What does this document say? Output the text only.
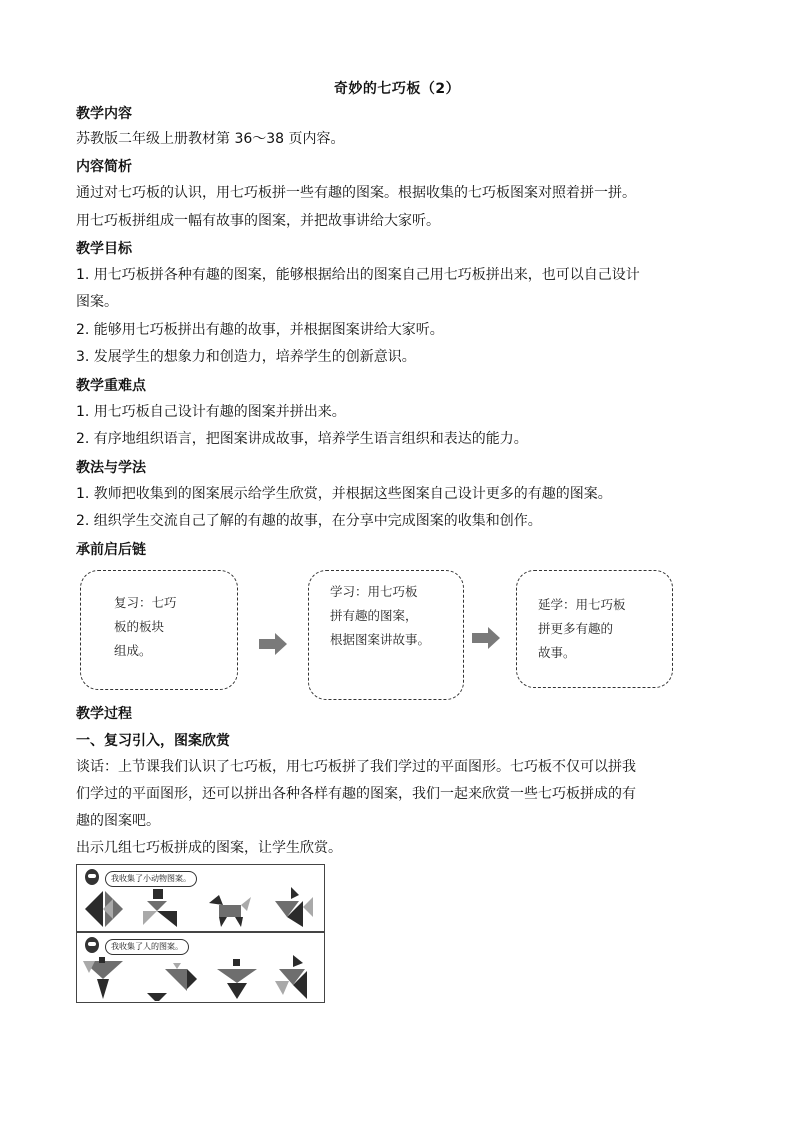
奇妙的七巧板（2）
教学内容
苏教版二年级上册教材第 36～38 页内容。
内容简析
通过对七巧板的认识，用七巧板拼一些有趣的图案。根据收集的七巧板图案对照着拼一拼。
用七巧板拼组成一幅有故事的图案，并把故事讲给大家听。
教学目标
1. 用七巧板拼各种有趣的图案，能够根据给出的图案自己用七巧板拼出来，也可以自己设计
图案。
2. 能够用七巧板拼出有趣的故事，并根据图案讲给大家听。
3. 发展学生的想象力和创造力，培养学生的创新意识。
教学重难点
1. 用七巧板自己设计有趣的图案并拼出来。
2. 有序地组织语言，把图案讲成故事，培养学生语言组织和表达的能力。
教法与学法
1. 教师把收集到的图案展示给学生欣赏，并根据这些图案自己设计更多的有趣的图案。
2. 组织学生交流自己了解的有趣的故事，在分享中完成图案的收集和创作。
承前启后链
复习：七巧
板的板块
组成。
学习：用七巧板
拼有趣的图案，
根据图案讲故事。
延学：用七巧板
拼更多有趣的
故事。
教学过程
一、复习引入，图案欣赏
谈话：上节课我们认识了七巧板，用七巧板拼了我们学过的平面图形。七巧板不仅可以拼我
们学过的平面图形，还可以拼出各种各样有趣的图案，我们一起来欣赏一些七巧板拼成的有
趣的图案吧。
出示几组七巧板拼成的图案，让学生欣赏。
我收集了小动物图案。
我收集了人的图案。
